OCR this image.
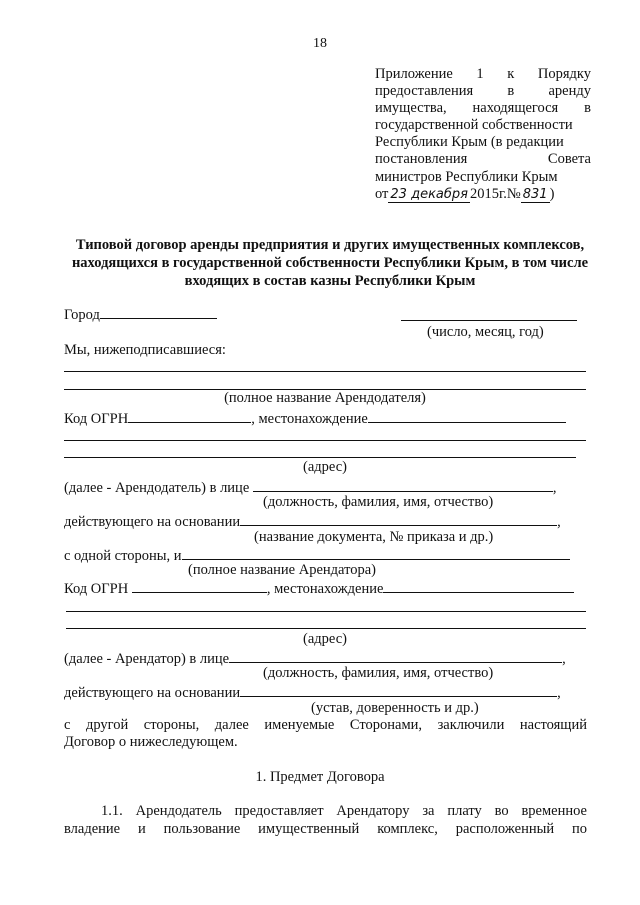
18
Приложение 1 к Порядку
предоставления в аренду
имущества, находящегося в
государственной собственности
Республики Крым (в редакции
постановления	Совета
министров Республики Крым
от 23 декабря 2015г.№ 831 )
Типовой договор аренды предприятия и других имущественных комплексов, находящихся в государственной собственности Республики Крым, в том числе входящих в состав казны Республики Крым
Город
(число, месяц, год)
Мы, нижеподписавшиеся:
(полное название Арендодателя)
Код ОГРН	, местонахождение
(адрес)
(далее - Арендодатель) в лице	,
(должность, фамилия, имя, отчество)
действующего на основании	,
(название документа, № приказа и др.)
с одной стороны, и
(полное название Арендатора)
Код ОГРН	, местонахождение
(адрес)
(далее - Арендатор) в лице	,
(должность, фамилия, имя, отчество)
действующего на основании	,
(устав, доверенность и др.)
с другой стороны, далее именуемые Сторонами, заключили настоящий
Договор о нижеследующем.
1. Предмет Договора
1.1. Арендодатель предоставляет Арендатору за плату во временное
владение и пользование имущественный комплекс, расположенный по
